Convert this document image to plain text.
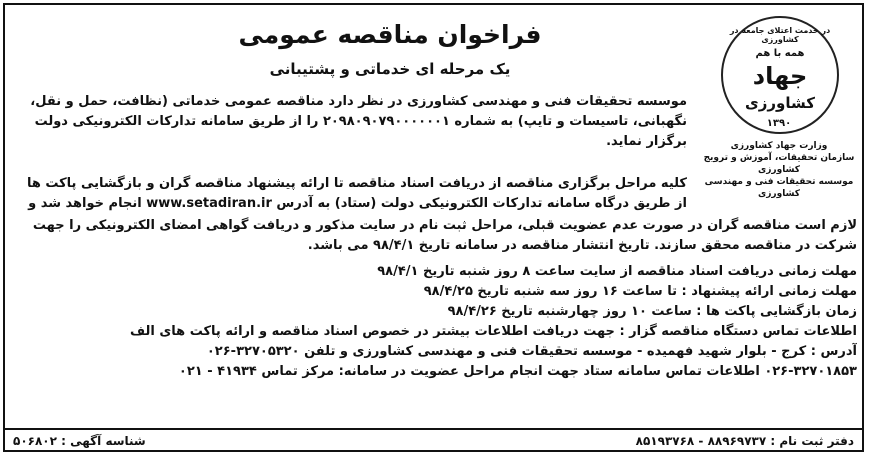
در خدمت اعتلای جامعه در کشاورزی
همه با هم
جهاد
کشاورزی
۱۳۹۰
وزارت جهاد کشاورزی
سازمان تحقیقات، آموزش و ترویج کشاورزی
موسسه تحقیقات فنی و مهندسی کشاورزی
فراخوان مناقصه عمومی
یک مرحله ای خدماتی و پشتیبانی
موسسه تحقیقات فنی و مهندسی کشاورزی در نظر دارد مناقصه عمومی خدماتی (نظافت، حمل و نقل، نگهبانی، تاسیسات و تایپ) به شماره ۲۰۹۸۰۹۰۷۹۰۰۰۰۰۰۱ را از طریق سامانه تدارکات الکترونیکی دولت برگزار نماید.
کلیه مراحل برگزاری مناقصه از دریافت اسناد مناقصه تا ارائه پیشنهاد مناقصه گران و بازگشایی پاکت ها از طریق درگاه سامانه تدارکات الکترونیکی دولت (ستاد) به آدرس www.setadiran.ir انجام خواهد شد و
لازم است مناقصه گران در صورت عدم عضویت قبلی، مراحل ثبت نام در سایت مذکور و دریافت گواهی امضای الکترونیکی را جهت شرکت در مناقصه محقق سازند. تاریخ انتشار مناقصه در سامانه تاریخ ۹۸/۴/۱ می باشد.
مهلت زمانی دریافت اسناد مناقصه از سایت ساعت ۸ روز شنبه تاریخ ۹۸/۴/۱
مهلت زمانی ارائه پیشنهاد : تا ساعت ۱۶ روز سه شنبه تاریخ ۹۸/۴/۲۵
زمان بازگشایی پاکت ها : ساعت ۱۰ روز چهارشنبه تاریخ ۹۸/۴/۲۶
اطلاعات تماس دستگاه مناقصه گزار : جهت دریافت اطلاعات بیشتر در خصوص اسناد مناقصه و ارائه پاکت های الف
آدرس : کرج - بلوار شهید فهمیده - موسسه تحقیقات فنی و مهندسی کشاورزی و تلفن ۳۲۷۰۵۳۲۰-۰۲۶
۰۲۶-۳۲۷۰۱۸۵۳ اطلاعات تماس سامانه ستاد جهت انجام مراحل عضویت در سامانه: مرکز تماس ۴۱۹۳۴ - ۰۲۱
دفتر ثبت نام : ۸۸۹۶۹۷۳۷ - ۸۵۱۹۳۷۶۸
شناسه آگهی : ۵۰۶۸۰۲
